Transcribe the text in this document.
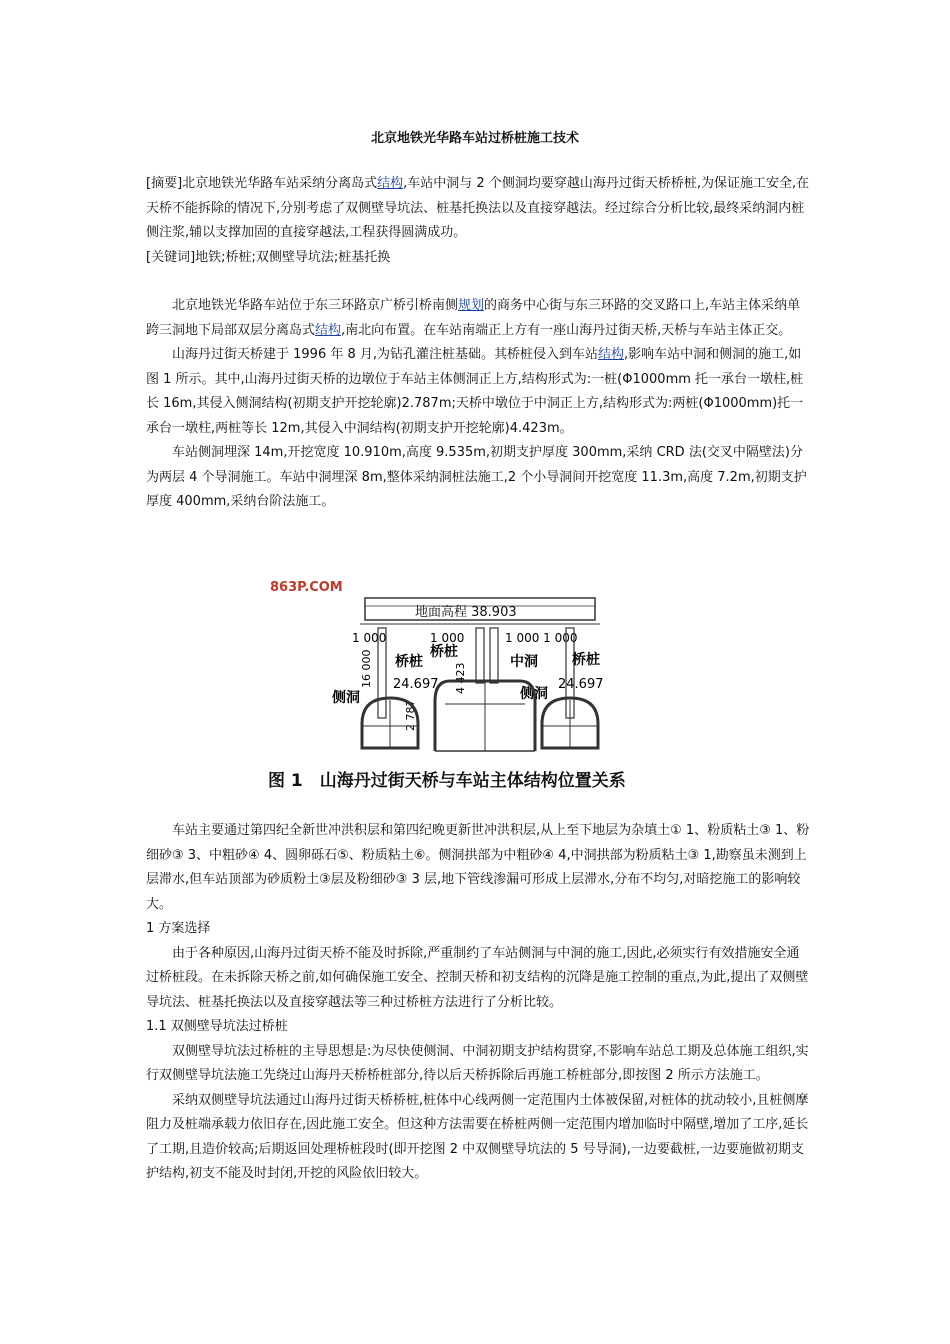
北京地铁光华路车站过桥桩施工技术

[摘要]北京地铁光华路车站采纳分离岛式结构,车站中洞与 2 个侧洞均要穿越山海丹过街天桥桥桩,为保证施工安全,在天桥不能拆除的情况下,分别考虑了双侧壁导坑法、桩基托换法以及直接穿越法。经过综合分析比较,最终采纳洞内桩侧注浆,辅以支撑加固的直接穿越法,工程获得圆满成功。

[关键词]地铁;桥桩;双侧壁导坑法;桩基托换

北京地铁光华路车站位于东三环路京广桥引桥南侧规划的商务中心街与东三环路的交叉路口上,车站主体采纳单跨三洞地下局部双层分离岛式结构,南北向布置。在车站南端正上方有一座山海丹过街天桥,天桥与车站主体正交。

山海丹过街天桥建于 1996 年 8 月,为钻孔灌注桩基础。其桥桩侵入到车站结构,影响车站中洞和侧洞的施工,如图 1 所示。其中,山海丹过街天桥的边墩位于车站主体侧洞正上方,结构形式为:一桩(Φ1000mm 托一承台一墩柱,桩长 16m,其侵入侧洞结构(初期支护开挖轮廓)2.787m;天桥中墩位于中洞正上方,结构形式为:两桩(Φ1000mm)托一承台一墩柱,两桩等长 12m,其侵入中洞结构(初期支护开挖轮廓)4.423m。

车站侧洞埋深 14m,开挖宽度 10.910m,高度 9.535m,初期支护厚度 300mm,采纳 CRD 法(交叉中隔壁法)分为两层 4 个导洞施工。车站中洞埋深 8m,整体采纳洞桩法施工,2 个小导洞间开挖宽度 11.3m,高度 7.2m,初期支护厚度 400mm,采纳台阶法施工。

863P.COM
地面高程 38.903
1 000	1 000	1 000 1 000
16 000	4 423
2 787
桥桩
桥桩	桥桩
侧洞
中洞
侧洞
24.697	24.697
图 1　山海丹过街天桥与车站主体结构位置关系

车站主要通过第四纪全新世冲洪积层和第四纪晚更新世冲洪积层,从上至下地层为杂填土① 1、粉质粘土③ 1、粉细砂③ 3、中粗砂④ 4、圆卵砾石⑤、粉质粘土⑥。侧洞拱部为中粗砂④ 4,中洞拱部为粉质粘土③ 1,勘察虽未测到上层滞水,但车站顶部为砂质粉土③层及粉细砂③ 3 层,地下管线渗漏可形成上层滞水,分布不均匀,对暗挖施工的影响较大。

1 方案选择

由于各种原因,山海丹过街天桥不能及时拆除,严重制约了车站侧洞与中洞的施工,因此,必须实行有效措施安全通过桥桩段。在未拆除天桥之前,如何确保施工安全、控制天桥和初支结构的沉降是施工控制的重点,为此,提出了双侧壁导坑法、桩基托换法以及直接穿越法等三种过桥桩方法进行了分析比较。

1.1 双侧壁导坑法过桥桩

双侧壁导坑法过桥桩的主导思想是:为尽快使侧洞、中洞初期支护结构贯穿,不影响车站总工期及总体施工组织,实行双侧壁导坑法施工先绕过山海丹天桥桥桩部分,待以后天桥拆除后再施工桥桩部分,即按图 2 所示方法施工。

采纳双侧壁导坑法通过山海丹过街天桥桥桩,桩体中心线两侧一定范围内土体被保留,对桩体的扰动较小,且桩侧摩阻力及桩端承载力依旧存在,因此施工安全。但这种方法需要在桥桩两侧一定范围内增加临时中隔壁,增加了工序,延长了工期,且造价较高;后期返回处理桥桩段时(即开挖图 2 中双侧壁导坑法的 5 号导洞),一边要截桩,一边要施做初期支护结构,初支不能及时封闭,开挖的风险依旧较大。
